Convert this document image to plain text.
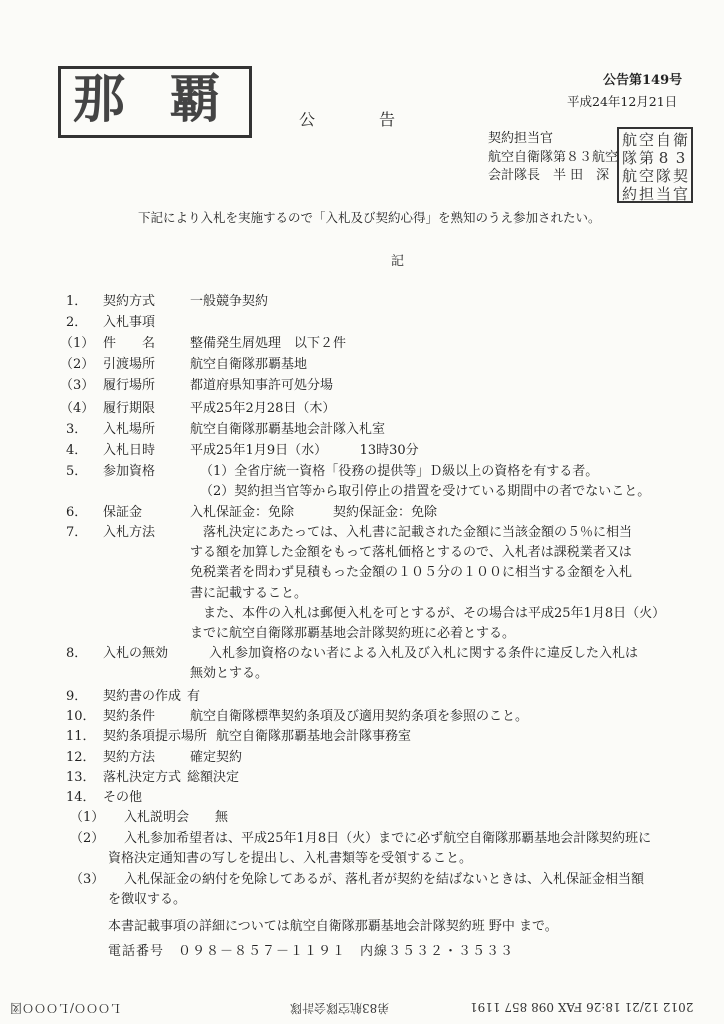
那覇	公告第149号
平成24年12月21日
公　　　告
契約担当官
航空自衛隊第８３航空
会計隊長　半 田　深
航 空 自 衛
隊 第 8 3
航 空 隊 契
約 担 当 官
下記により入札を実施するので「入札及び契約心得」を熟知のうえ参加されたい。
記
1． 契約方式	一般競争契約
2． 入札事項
（1） 件　　名	整備発生屑処理　以下２件
（2） 引渡場所	航空自衛隊那覇基地
（3） 履行場所	都道府県知事許可処分場
（4） 履行期限	平成25年2月28日（木）
3． 入札場所	航空自衛隊那覇基地会計隊入札室
4． 入札日時	平成25年1月9日（水）　　　13時30分
5． 参加資格	（1）全省庁統一資格「役務の提供等」Ｄ級以上の資格を有する者。
（2）契約担当官等から取引停止の措置を受けている期間中の者でないこと。
6． 保証金	入札保証金：免除　　　契約保証金：免除
7． 入札方法	　落札決定にあたっては、入札書に記載された金額に当該金額の５％に相当
する額を加算した金額をもって落札価格とするので、入札者は課税業者又は
免税業者を問わず見積もった金額の１０５分の１００に相当する金額を入札
書に記載すること。
　また、本件の入札は郵便入札を可とするが、その場合は平成25年1月8日（火）
までに航空自衛隊那覇基地会計隊契約班に必着とする。
8． 入札の無効 　入札参加資格のない者による入札及び入札に関する条件に違反した入札は
無効とする。
9． 契約書の作成 有
10． 契約条件	航空自衛隊標準契約条項及び適用契約条項を参照のこと。
11． 契約条項提示場所 航空自衛隊那覇基地会計隊事務室
12． 契約方法	確定契約
13． 落札決定方式 総額決定
14． その他
（1） 入札説明会　　無
（2） 入札参加希望者は、平成25年1月8日（火）までに必ず航空自衛隊那覇基地会計隊契約班に
資格決定通知書の写しを提出し、入札書類等を受領すること。
（3） 入札保証金の納付を免除してあるが、落札者が契約を結ばないときは、入札保証金相当額
を徴収する。
本書記載事項の詳細については航空自衛隊那覇基地会計隊契約班 野中 まで。
電話番号　０９８－８５７－１１９１　内線３５３２・３５３３
ＬＯＯＯ/ＬＯＯＯ図	弟83航空隊会計隊	2012 12/21 18:26 FAX 098 857 1191
